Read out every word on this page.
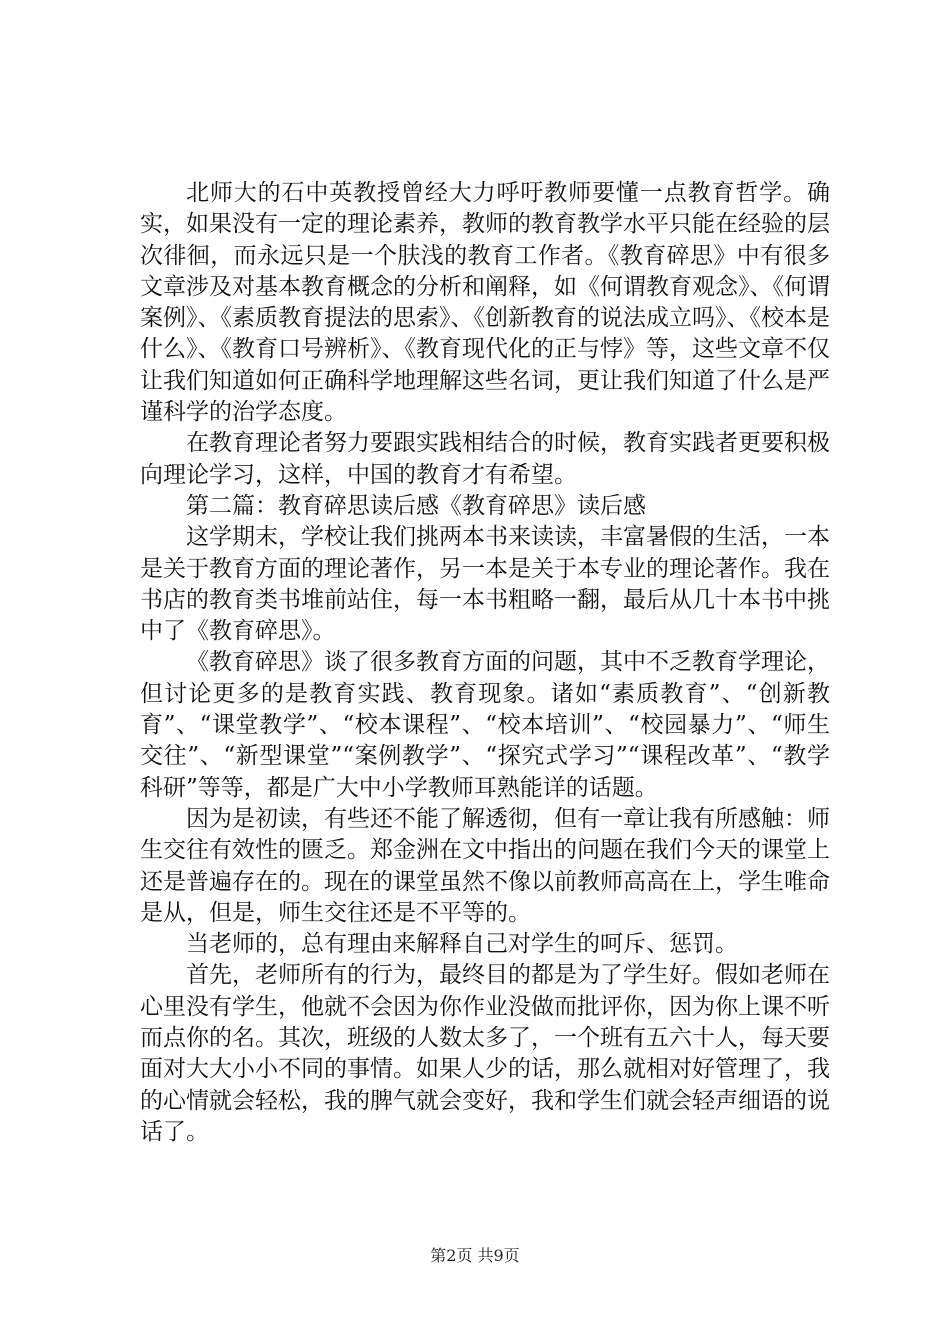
北师大的石中英教授曾经大力呼吁教师要懂一点教育哲学。确实，如果没有一定的理论素养，教师的教育教学水平只能在经验的层次徘徊，而永远只是一个肤浅的教育工作者。《教育碎思》中有很多文章涉及对基本教育概念的分析和阐释，如《何谓教育观念》、《何谓案例》、《素质教育提法的思索》、《创新教育的说法成立吗》、《校本是什么》、《教育口号辨析》、《教育现代化的正与悖》等，这些文章不仅让我们知道如何正确科学地理解这些名词，更让我们知道了什么是严谨科学的治学态度。

在教育理论者努力要跟实践相结合的时候，教育实践者更要积极向理论学习，这样，中国的教育才有希望。

第二篇：教育碎思读后感《教育碎思》读后感

这学期末，学校让我们挑两本书来读读，丰富暑假的生活，一本是关于教育方面的理论著作，另一本是关于本专业的理论著作。我在书店的教育类书堆前站住，每一本书粗略一翻，最后从几十本书中挑中了《教育碎思》。

《教育碎思》谈了很多教育方面的问题，其中不乏教育学理论，但讨论更多的是教育实践、教育现象。诸如“素质教育”、“创新教育”、“课堂教学”、“校本课程”、“校本培训”、“校园暴力”、“师生交往”、“新型课堂”“案例教学”、“探究式学习”“课程改革”、“教学科研”等等，都是广大中小学教师耳熟能详的话题。

因为是初读，有些还不能了解透彻，但有一章让我有所感触：师生交往有效性的匮乏。郑金洲在文中指出的问题在我们今天的课堂上还是普遍存在的。现在的课堂虽然不像以前教师高高在上，学生唯命是从，但是，师生交往还是不平等的。

当老师的，总有理由来解释自己对学生的呵斥、惩罚。

首先，老师所有的行为，最终目的都是为了学生好。假如老师在心里没有学生，他就不会因为你作业没做而批评你，因为你上课不听而点你的名。其次，班级的人数太多了，一个班有五六十人，每天要面对大大小小不同的事情。如果人少的话，那么就相对好管理了，我的心情就会轻松，我的脾气就会变好，我和学生们就会轻声细语的说话了。

第2页 共9页
